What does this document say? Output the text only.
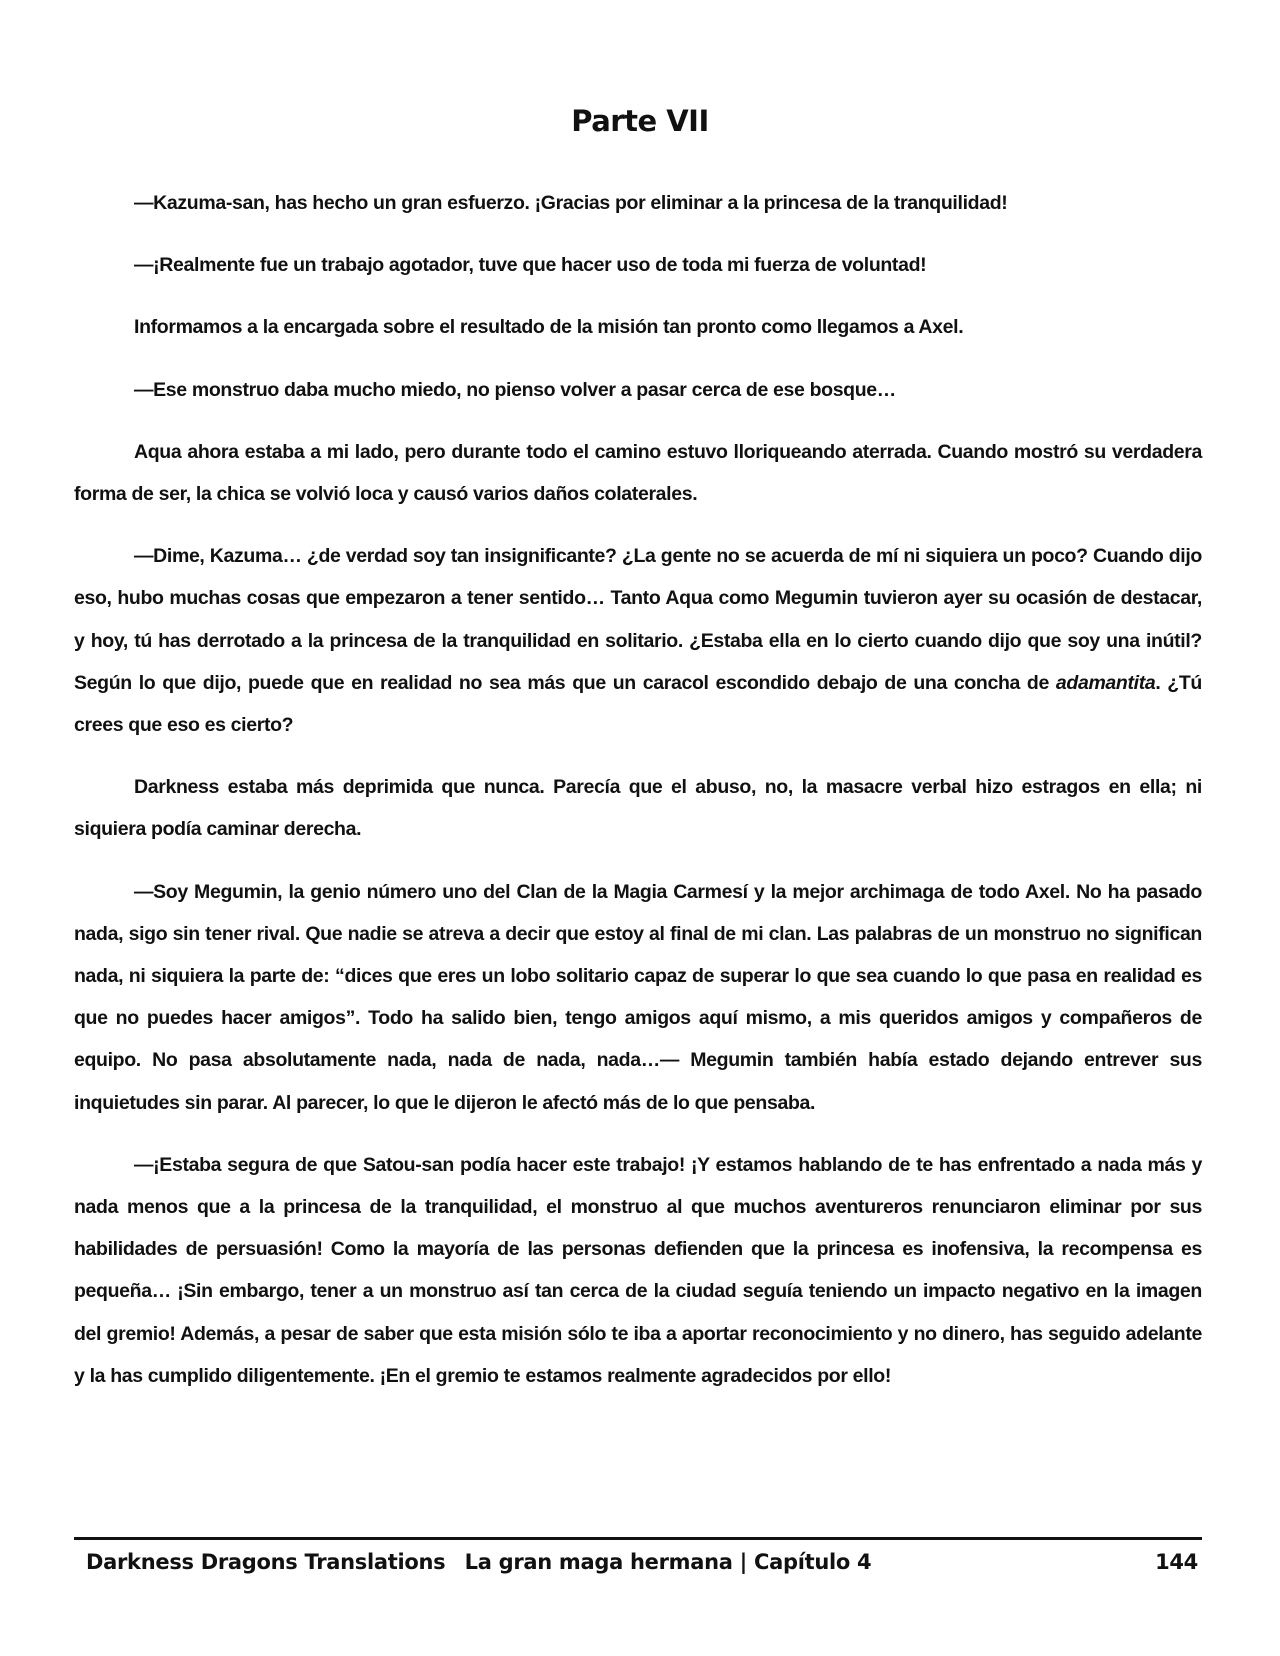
Parte VII

—Kazuma-san, has hecho un gran esfuerzo. ¡Gracias por eliminar a la princesa de la tranquilidad!

—¡Realmente fue un trabajo agotador, tuve que hacer uso de toda mi fuerza de voluntad!

Informamos a la encargada sobre el resultado de la misión tan pronto como llegamos a Axel.

—Ese monstruo daba mucho miedo, no pienso volver a pasar cerca de ese bosque…

Aqua ahora estaba a mi lado, pero durante todo el camino estuvo lloriqueando aterrada. Cuando mostró su verdadera forma de ser, la chica se volvió loca y causó varios daños colaterales.

—Dime, Kazuma… ¿de verdad soy tan insignificante? ¿La gente no se acuerda de mí ni siquiera un poco? Cuando dijo eso, hubo muchas cosas que empezaron a tener sentido… Tanto Aqua como Megumin tuvieron ayer su ocasión de destacar, y hoy, tú has derrotado a la princesa de la tranquilidad en solitario. ¿Estaba ella en lo cierto cuando dijo que soy una inútil? Según lo que dijo, puede que en realidad no sea más que un caracol escondido debajo de una concha de adamantita. ¿Tú crees que eso es cierto?

Darkness estaba más deprimida que nunca. Parecía que el abuso, no, la masacre verbal hizo estragos en ella; ni siquiera podía caminar derecha.

—Soy Megumin, la genio número uno del Clan de la Magia Carmesí y la mejor archimaga de todo Axel. No ha pasado nada, sigo sin tener rival. Que nadie se atreva a decir que estoy al final de mi clan. Las palabras de un monstruo no significan nada, ni siquiera la parte de: “dices que eres un lobo solitario capaz de superar lo que sea cuando lo que pasa en realidad es que no puedes hacer amigos”. Todo ha salido bien, tengo amigos aquí mismo, a mis queridos amigos y compañeros de equipo. No pasa absolutamente nada, nada de nada, nada…— Megumin también había estado dejando entrever sus inquietudes sin parar. Al parecer, lo que le dijeron le afectó más de lo que pensaba.

—¡Estaba segura de que Satou-san podía hacer este trabajo! ¡Y estamos hablando de te has enfrentado a nada más y nada menos que a la princesa de la tranquilidad, el monstruo al que muchos aventureros renunciaron eliminar por sus habilidades de persuasión! Como la mayoría de las personas defienden que la princesa es inofensiva, la recompensa es pequeña… ¡Sin embargo, tener a un monstruo así tan cerca de la ciudad seguía teniendo un impacto negativo en la imagen del gremio! Además, a pesar de saber que esta misión sólo te iba a aportar reconocimiento y no dinero, has seguido adelante y la has cumplido diligentemente. ¡En el gremio te estamos realmente agradecidos por ello!

Darkness Dragons Translations La gran maga hermana | Capítulo 4	144
